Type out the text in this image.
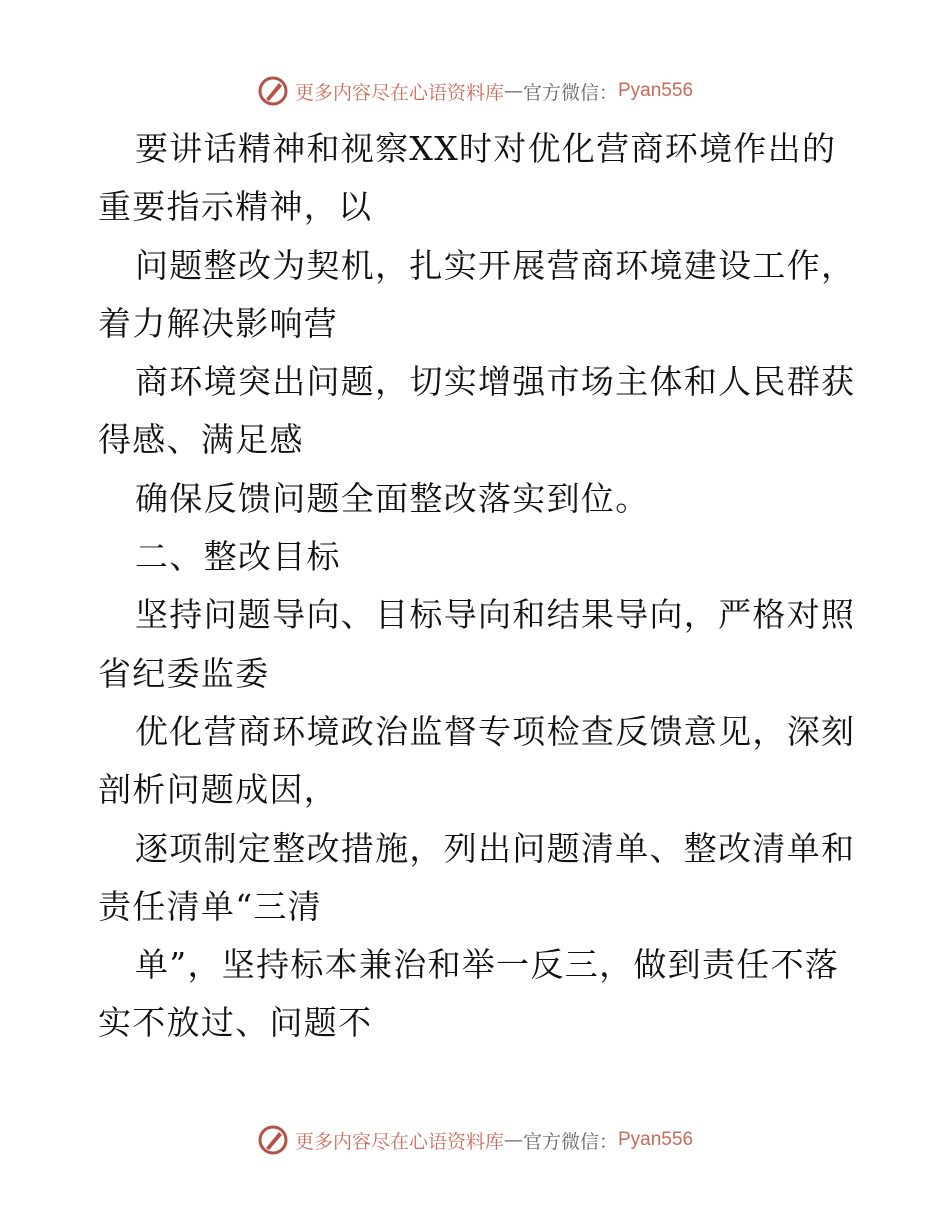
更多内容尽在心语资料库 — 官方微信： Pyan556
要讲话精神和视察XX时对优化营商环境作出的
重要指示精神，以
问题整改为契机，扎实开展营商环境建设工作，
着力解决影响营
商环境突出问题，切实增强市场主体和人民群获
得感、满足感
确保反馈问题全面整改落实到位。
二、整改目标
坚持问题导向、目标导向和结果导向，严格对照
省纪委监委
优化营商环境政治监督专项检查反馈意见，深刻
剖析问题成因，
逐项制定整改措施，列出问题清单、整改清单和
责任清单“三清
单”，坚持标本兼治和举一反三，做到责任不落
实不放过、问题不
更多内容尽在心语资料库 — 官方微信： Pyan556
